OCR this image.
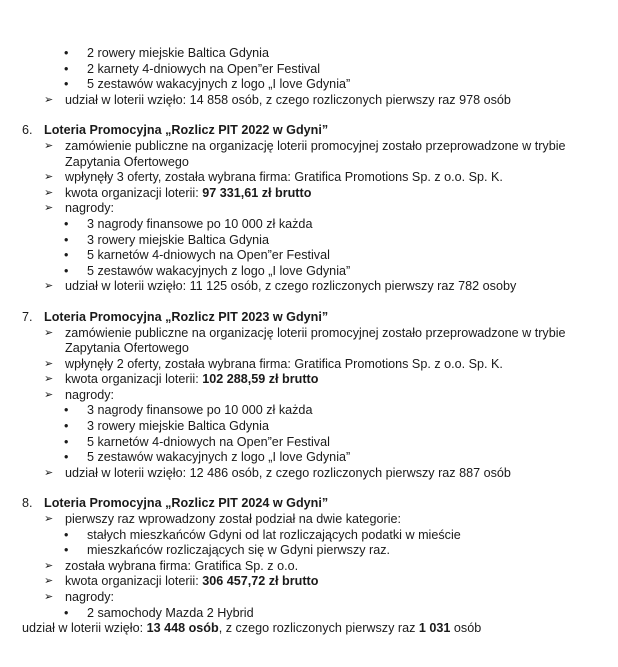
• 2 rowery miejskie Baltica Gdynia
• 2 karnety 4-dniowych na Open”er Festival
• 5 zestawów wakacyjnych z logo „I love Gdynia”
➢ udział w loterii wzięło: 14 858 osób, z czego rozliczonych pierwszy raz 978 osób
6. Loteria Promocyjna „Rozlicz PIT 2022 w Gdyni”
➢ zamówienie publiczne na organizację loterii promocyjnej zostało przeprowadzone w trybie
Zapytania Ofertowego
➢ wpłynęły 3 oferty, została wybrana firma: Gratifica Promotions Sp. z o.o. Sp. K.
➢ kwota organizacji loterii: 97 331,61 zł brutto
➢ nagrody:
• 3 nagrody finansowe po 10 000 zł każda
• 3 rowery miejskie Baltica Gdynia
• 5 karnetów 4-dniowych na Open”er Festival
• 5 zestawów wakacyjnych z logo „I love Gdynia”
➢ udział w loterii wzięło: 11 125 osób, z czego rozliczonych pierwszy raz 782 osoby
7. Loteria Promocyjna „Rozlicz PIT 2023 w Gdyni”
➢ zamówienie publiczne na organizację loterii promocyjnej zostało przeprowadzone w trybie
Zapytania Ofertowego
➢ wpłynęły 2 oferty, została wybrana firma: Gratifica Promotions Sp. z o.o. Sp. K.
➢ kwota organizacji loterii: 102 288,59 zł brutto
➢ nagrody:
• 3 nagrody finansowe po 10 000 zł każda
• 3 rowery miejskie Baltica Gdynia
• 5 karnetów 4-dniowych na Open”er Festival
• 5 zestawów wakacyjnych z logo „I love Gdynia”
➢ udział w loterii wzięło: 12 486 osób, z czego rozliczonych pierwszy raz 887 osób
8. Loteria Promocyjna „Rozlicz PIT 2024 w Gdyni”
➢ pierwszy raz wprowadzony został podział na dwie kategorie:
• stałych mieszkańców Gdyni od lat rozliczających podatki w mieście
• mieszkańców rozliczających się w Gdyni pierwszy raz.
➢ została wybrana firma: Gratifica Sp. z o.o.
➢ kwota organizacji loterii: 306 457,72 zł brutto
➢ nagrody:
• 2 samochody Mazda 2 Hybrid
udział w loterii wzięło: 13 448 osób, z czego rozliczonych pierwszy raz 1 031 osób
